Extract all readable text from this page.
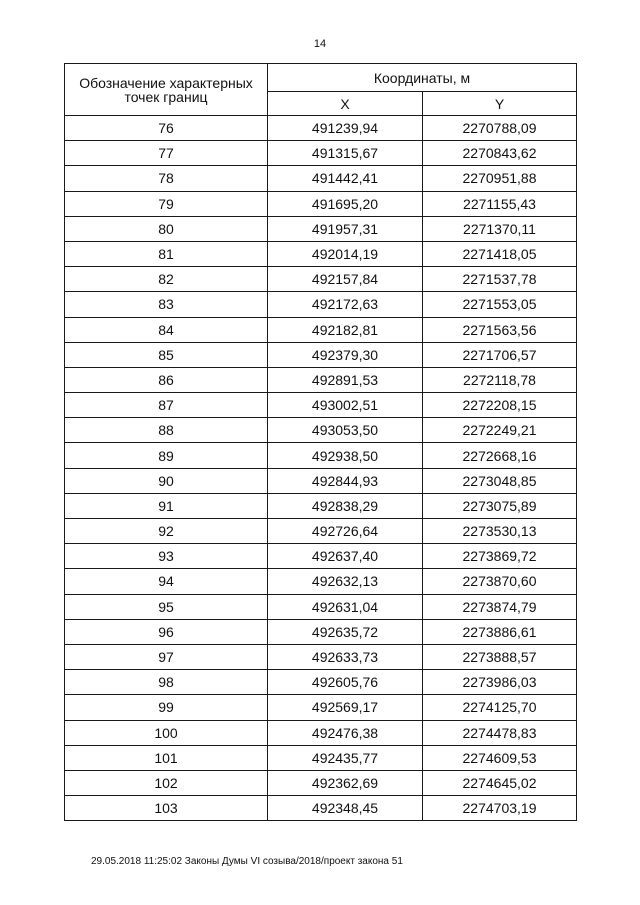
14
Обозначение характерных точек границ	Координаты, м	
	X	Y
76	491239,94	2270788,09
77	491315,67	2270843,62
78	491442,41	2270951,88
79	491695,20	2271155,43
80	491957,31	2271370,11
81	492014,19	2271418,05
82	492157,84	2271537,78
83	492172,63	2271553,05
84	492182,81	2271563,56
85	492379,30	2271706,57
86	492891,53	2272118,78
87	493002,51	2272208,15
88	493053,50	2272249,21
89	492938,50	2272668,16
90	492844,93	2273048,85
91	492838,29	2273075,89
92	492726,64	2273530,13
93	492637,40	2273869,72
94	492632,13	2273870,60
95	492631,04	2273874,79
96	492635,72	2273886,61
97	492633,73	2273888,57
98	492605,76	2273986,03
99	492569,17	2274125,70
100	492476,38	2274478,83
101	492435,77	2274609,53
102	492362,69	2274645,02
103	492348,45	2274703,19
29.05.2018 11:25:02 Законы Думы VI созыва/2018/проект закона 51
